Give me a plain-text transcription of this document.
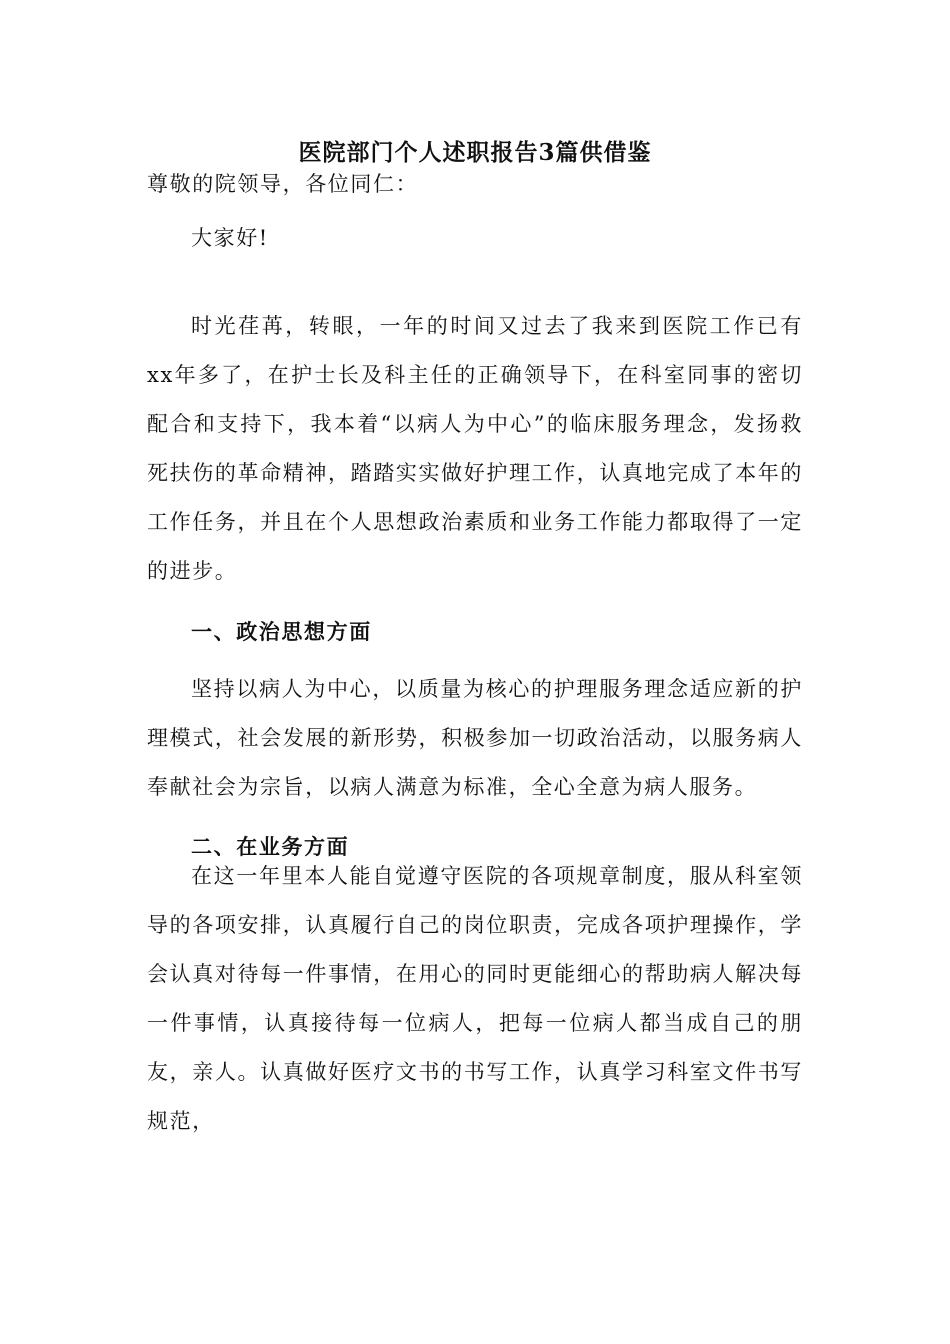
医院部门个人述职报告3篇供借鉴
尊敬的院领导，各位同仁：
大家好!
时光荏苒，转眼，一年的时间又过去了我来到医院工作已有xx年多了，在护士长及科主任的正确领导下，在科室同事的密切配合和支持下，我本着“以病人为中心”的临床服务理念，发扬救死扶伤的革命精神，踏踏实实做好护理工作，认真地完成了本年的工作任务，并且在个人思想政治素质和业务工作能力都取得了一定的进步。
一、政治思想方面
坚持以病人为中心，以质量为核心的护理服务理念适应新的护理模式，社会发展的新形势，积极参加一切政治活动，以服务病人奉献社会为宗旨，以病人满意为标准，全心全意为病人服务。
二、在业务方面
在这一年里本人能自觉遵守医院的各项规章制度，服从科室领导的各项安排，认真履行自己的岗位职责，完成各项护理操作，学会认真对待每一件事情，在用心的同时更能细心的帮助病人解决每一件事情，认真接待每一位病人，把每一位病人都当成自己的朋友，亲人。认真做好医疗文书的书写工作，认真学习科室文件书写规范，
